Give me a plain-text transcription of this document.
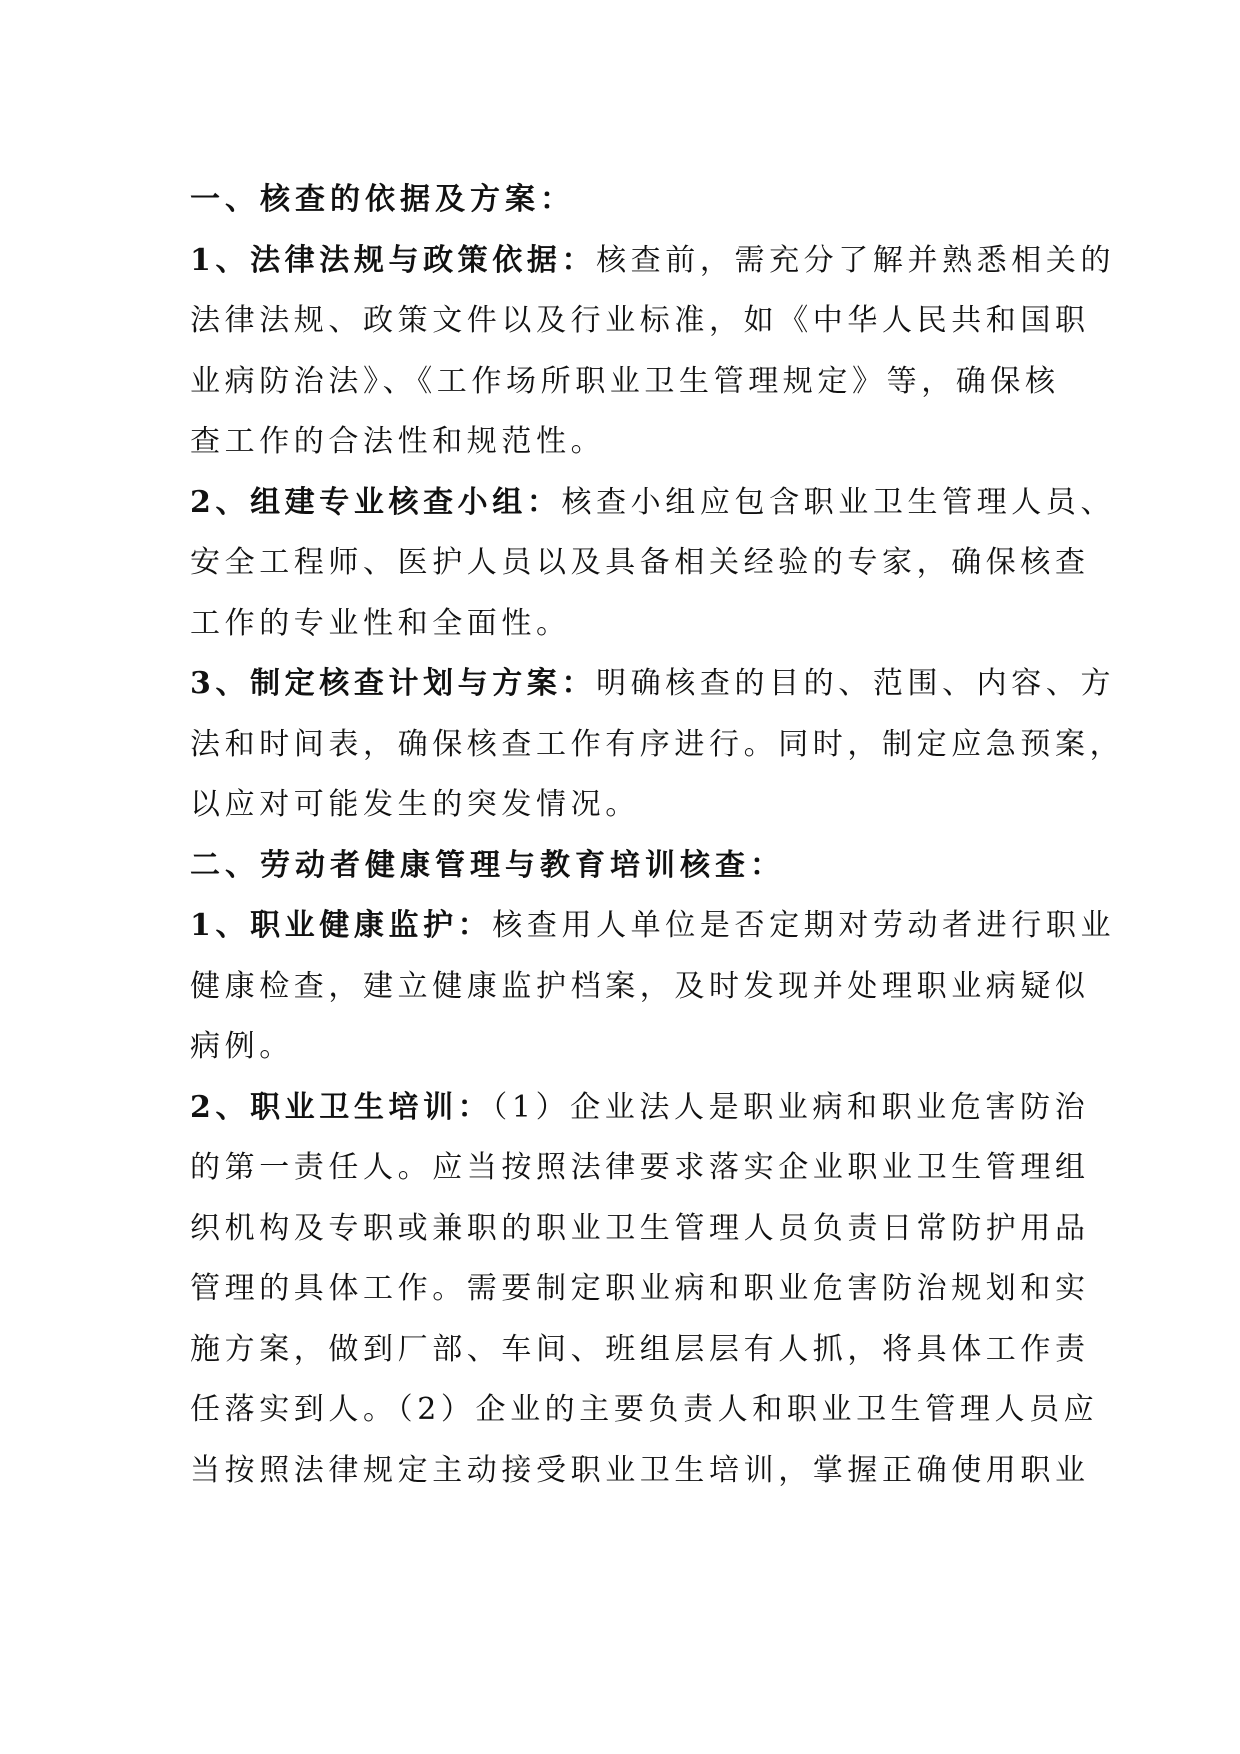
一、核查的依据及方案：
1、法律法规与政策依据：核查前，需充分了解并熟悉相关的
法律法规、政策文件以及行业标准，如《中华人民共和国职
业病防治法》、《工作场所职业卫生管理规定》等，确保核
查工作的合法性和规范性。
2、组建专业核查小组：核查小组应包含职业卫生管理人员、
安全工程师、医护人员以及具备相关经验的专家，确保核查
工作的专业性和全面性。
3、制定核查计划与方案：明确核查的目的、范围、内容、方
法和时间表，确保核查工作有序进行。同时，制定应急预案，
以应对可能发生的突发情况。
二、劳动者健康管理与教育培训核查：
1、职业健康监护：核查用人单位是否定期对劳动者进行职业
健康检查，建立健康监护档案，及时发现并处理职业病疑似
病例。
2、职业卫生培训：（1）企业法人是职业病和职业危害防治
的第一责任人。应当按照法律要求落实企业职业卫生管理组
织机构及专职或兼职的职业卫生管理人员负责日常防护用品
管理的具体工作。需要制定职业病和职业危害防治规划和实
施方案，做到厂部、车间、班组层层有人抓，将具体工作责
任落实到人。（2）企业的主要负责人和职业卫生管理人员应
当按照法律规定主动接受职业卫生培训，掌握正确使用职业
